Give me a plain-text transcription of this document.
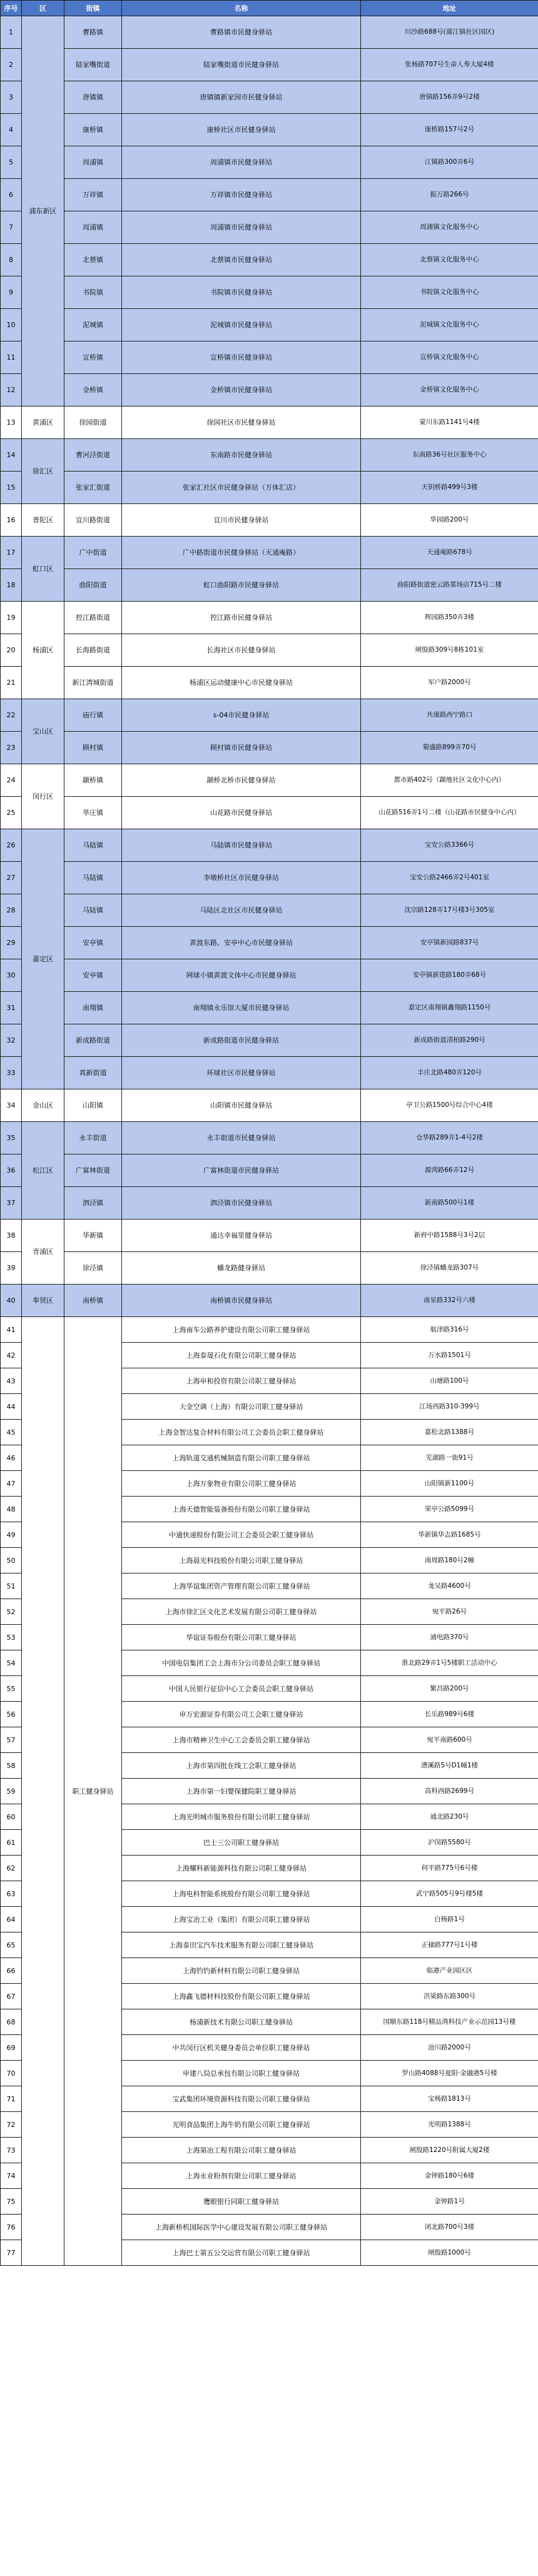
序号	区	街镇	名称	地址
1	浦东新区	曹路镇	曹路镇市民健身驿站	川沙路688号(蒲江镇社区园区)
2		陆家嘴街道	陆家嘴街道市民健身驿站	张杨路707号生命人寿大厦4楼
3		唐镇镇	唐镇镇新家园市民健身驿站	唐镇路156弄9号2楼
4		康桥镇	康桥社区市民健身驿站	康桥路157号2号
5		周浦镇	周浦镇市民健身驿站	江镇路300弄6号
6		万祥镇	万祥镇市民健身驿站	振万路266号
7		周浦镇	周浦镇市民健身驿站	周浦镇文化服务中心
8		北蔡镇	北蔡镇市民健身驿站	北蔡镇文化服务中心
9		书院镇	书院镇市民健身驿站	书院镇文化服务中心
10		泥城镇	泥城镇市民健身驿站	泥城镇文化服务中心
11		宣桥镇	宣桥镇市民健身驿站	宣桥镇文化服务中心
12		金桥镇	金桥镇市民健身驿站	金桥镇文化服务中心
13	黄浦区	徐园街道	徐园社区市民健身驿站	蒙川东路1141号4楼
14	徐汇区	曹河泾街道	东南路市民健身驿站	东南路36号社区服务中心
15		张家汇街道	张家汇社区市民健身驿站（万体汇店）	天钥桥路499号3楼
16	普陀区	宜川路街道	宜川市民健身驿站	华园路200号
17	虹口区	广中街道	广中路街道市民健身驿站（天通庵路）	天通庵路678号
18		曲阳街道	虹口曲阳路市民健身驿站	曲阳路街道密云路菜场店715号二楼
19	杨浦区	控江路街道	控江路市民健身驿站	辉园路350弄3楼
20		长海路街道	长海社区市民健身驿站	闸殷路309号8栋101室
21		新江湾城街道	杨浦区运动健康中心市民健身驿站	军户路2000号
22	宝山区	庙行镇	s-04市民健身驿站	共康路西宁路口
23		顾村镇	顾村镇市民健身驿站	菊盛路899弄70号
24	闵行区	颛桥镇	颛桥北桥市民健身驿站	都市路402号（颛地社区文化中心内）
25		莘庄镇	山花路市民健身驿站	山花路516弄1号二楼（山花路市民健身中心内）
26	嘉定区	马陆镇	马陆镇市民健身驿站	宝安公路3366号
27		马陆镇	李墩桥社区市民健身驿站	宝安公路2466弄2号401室
28		马陆镇	马陆区北社区市民健身驿站	沈宗路128弄17号楼3号305室
29		安亭镇	黄渡东路、安亭中心市民健身驿站	安亭镇新园路837号
30		安亭镇	网球小镇黄渡文体中心市民健身驿站	安亭镇新建路180弄68号
31		南翔镇	南翔镇永乐馆大厦市民健身驿站	嘉定区南翔镇鑫翔路1150号
32		新成路街道	新成路街道市民健身驿站	新成路街道清柏路290号
33		真新街道	环球社区市民健身驿站	丰庄北路480弄120号
34	金山区	山阳镇	山阳镇市民健身驿站	亭卫公路1500号综合中心4楼
35	松江区	永丰街道	永丰街道市民健身驿站	仓华路289弄1-4号2楼
36		广富林街道	广富林街道市民健身驿站	源湾路66弄12号
37		泗泾镇	泗泾镇市民健身驿站	新南路500号1楼
38	青浦区	华新镇	通达幸福里健身驿站	新府中路1588号3号2层
39		徐泾镇	蟠龙路健身驿站	徐泾镇蟠龙路307号
40	奉贤区	南桥镇	南桥镇市民健身驿站	南星路332号六楼
41		职工健身驿站	上海南车公路养护建设有限公司职工健身驿站	航津路316号
42			上海泰晟石化有限公司职工健身驿站	万水路1501号
43			上海申和投资有限公司职工健身驿站	山塘路100号
44			大金空调（上海）有限公司职工健身驿站	江场西路310-399号
45			上海金智达复合材料有限公司工会委员会职工健身驿站	嘉松北路1388号
46			上海轨道交通机械制造有限公司职工健身驿站	芜湖路一街91号
47			上海万象物业有限公司职工健身驿站	山阳镇新1100号
48			上海天德智能装备股份有限公司职工健身驿站	荣亭公路5099号
49			中通快递股份有限公司工会委员会职工健身驿站	华新镇华志路1685号
50			上海晨光科技股份有限公司职工健身驿站	南周路180号2幢
51			上海华谊集团资产管理有限公司职工健身驿站	龙吴路4600号
52			上海市徐汇区文化艺术发展有限公司职工健身驿站	宛平路26号
53			华谊证券股份有限公司职工健身驿站	浦电路370号
54			中国电信集团工会上海市分公司委员会职工健身驿站	淮北路29弄1号5楼职工活动中心
55			中国人民银行征信中心工会委员会职工健身驿站	繁昌路200号
56			申万宏源证券有限公司工会职工健身驿站	长乐路989号6楼
57			上海市精神卫生中心工会委员会职工健身驿站	宛平南路600号
58			上海市第四批在线工会职工健身驿站	漕溪路5号D1幢1楼
59			上海市第一妇婴保健院职工健身驿站	高科西路2699号
60			上海光明城市服务股份有限公司职工健身驿站	通北路230号
61			巴士三公司职工健身驿站	沪闵路5580号
62			上海耀科新能源科技有限公司职工健身驿站	何平路775号6号楼
63			上海电科智能系统股份有限公司职工健身驿站	武宁路505号9号楼5楼
64			上海宝冶工业（集团）有限公司职工健身驿站	白杨路1号
65			上海泰田宝汽车技术服务有限公司职工健身驿站	正棣路777号1号楼
66			上海钓钓新材料有限公司职工健身驿站	临港产业园区区
67			上海鑫飞德材科技股份有限公司职工健身驿站	洪梁路东路300号
68			杨浦新技术有限公司职工健身驿站	国顺东路118号精品湾科技产业示范园13号楼
69			中共闵行区机关健身委员会单位职工健身驿站	沧川路2000号
70			申建八局总承包有限公司职工健身驿站	罗山路4088号夏阳·金融港5号楼
71			宝武集团环境资源科技有限公司职工健身驿站	宝杨路1813号
72			光明食品集团上海牛奶有限公司职工健身驿站	光明路1388号
73			上海第冶工程有限公司职工健身驿站	闸殷路1220号附属大厦2楼
74			上海永业粉剂有限公司职工健身驿站	金钟路180号6楼
75			鹰眼银行同职工健身驿站	金钟路1号
76			上海新桥机国际医学中心建设发展有限公司职工健身驿站	闭北路700号3楼
77			上海巴士第五公交运营有限公司职工健身驿站	闸殷路1000号
